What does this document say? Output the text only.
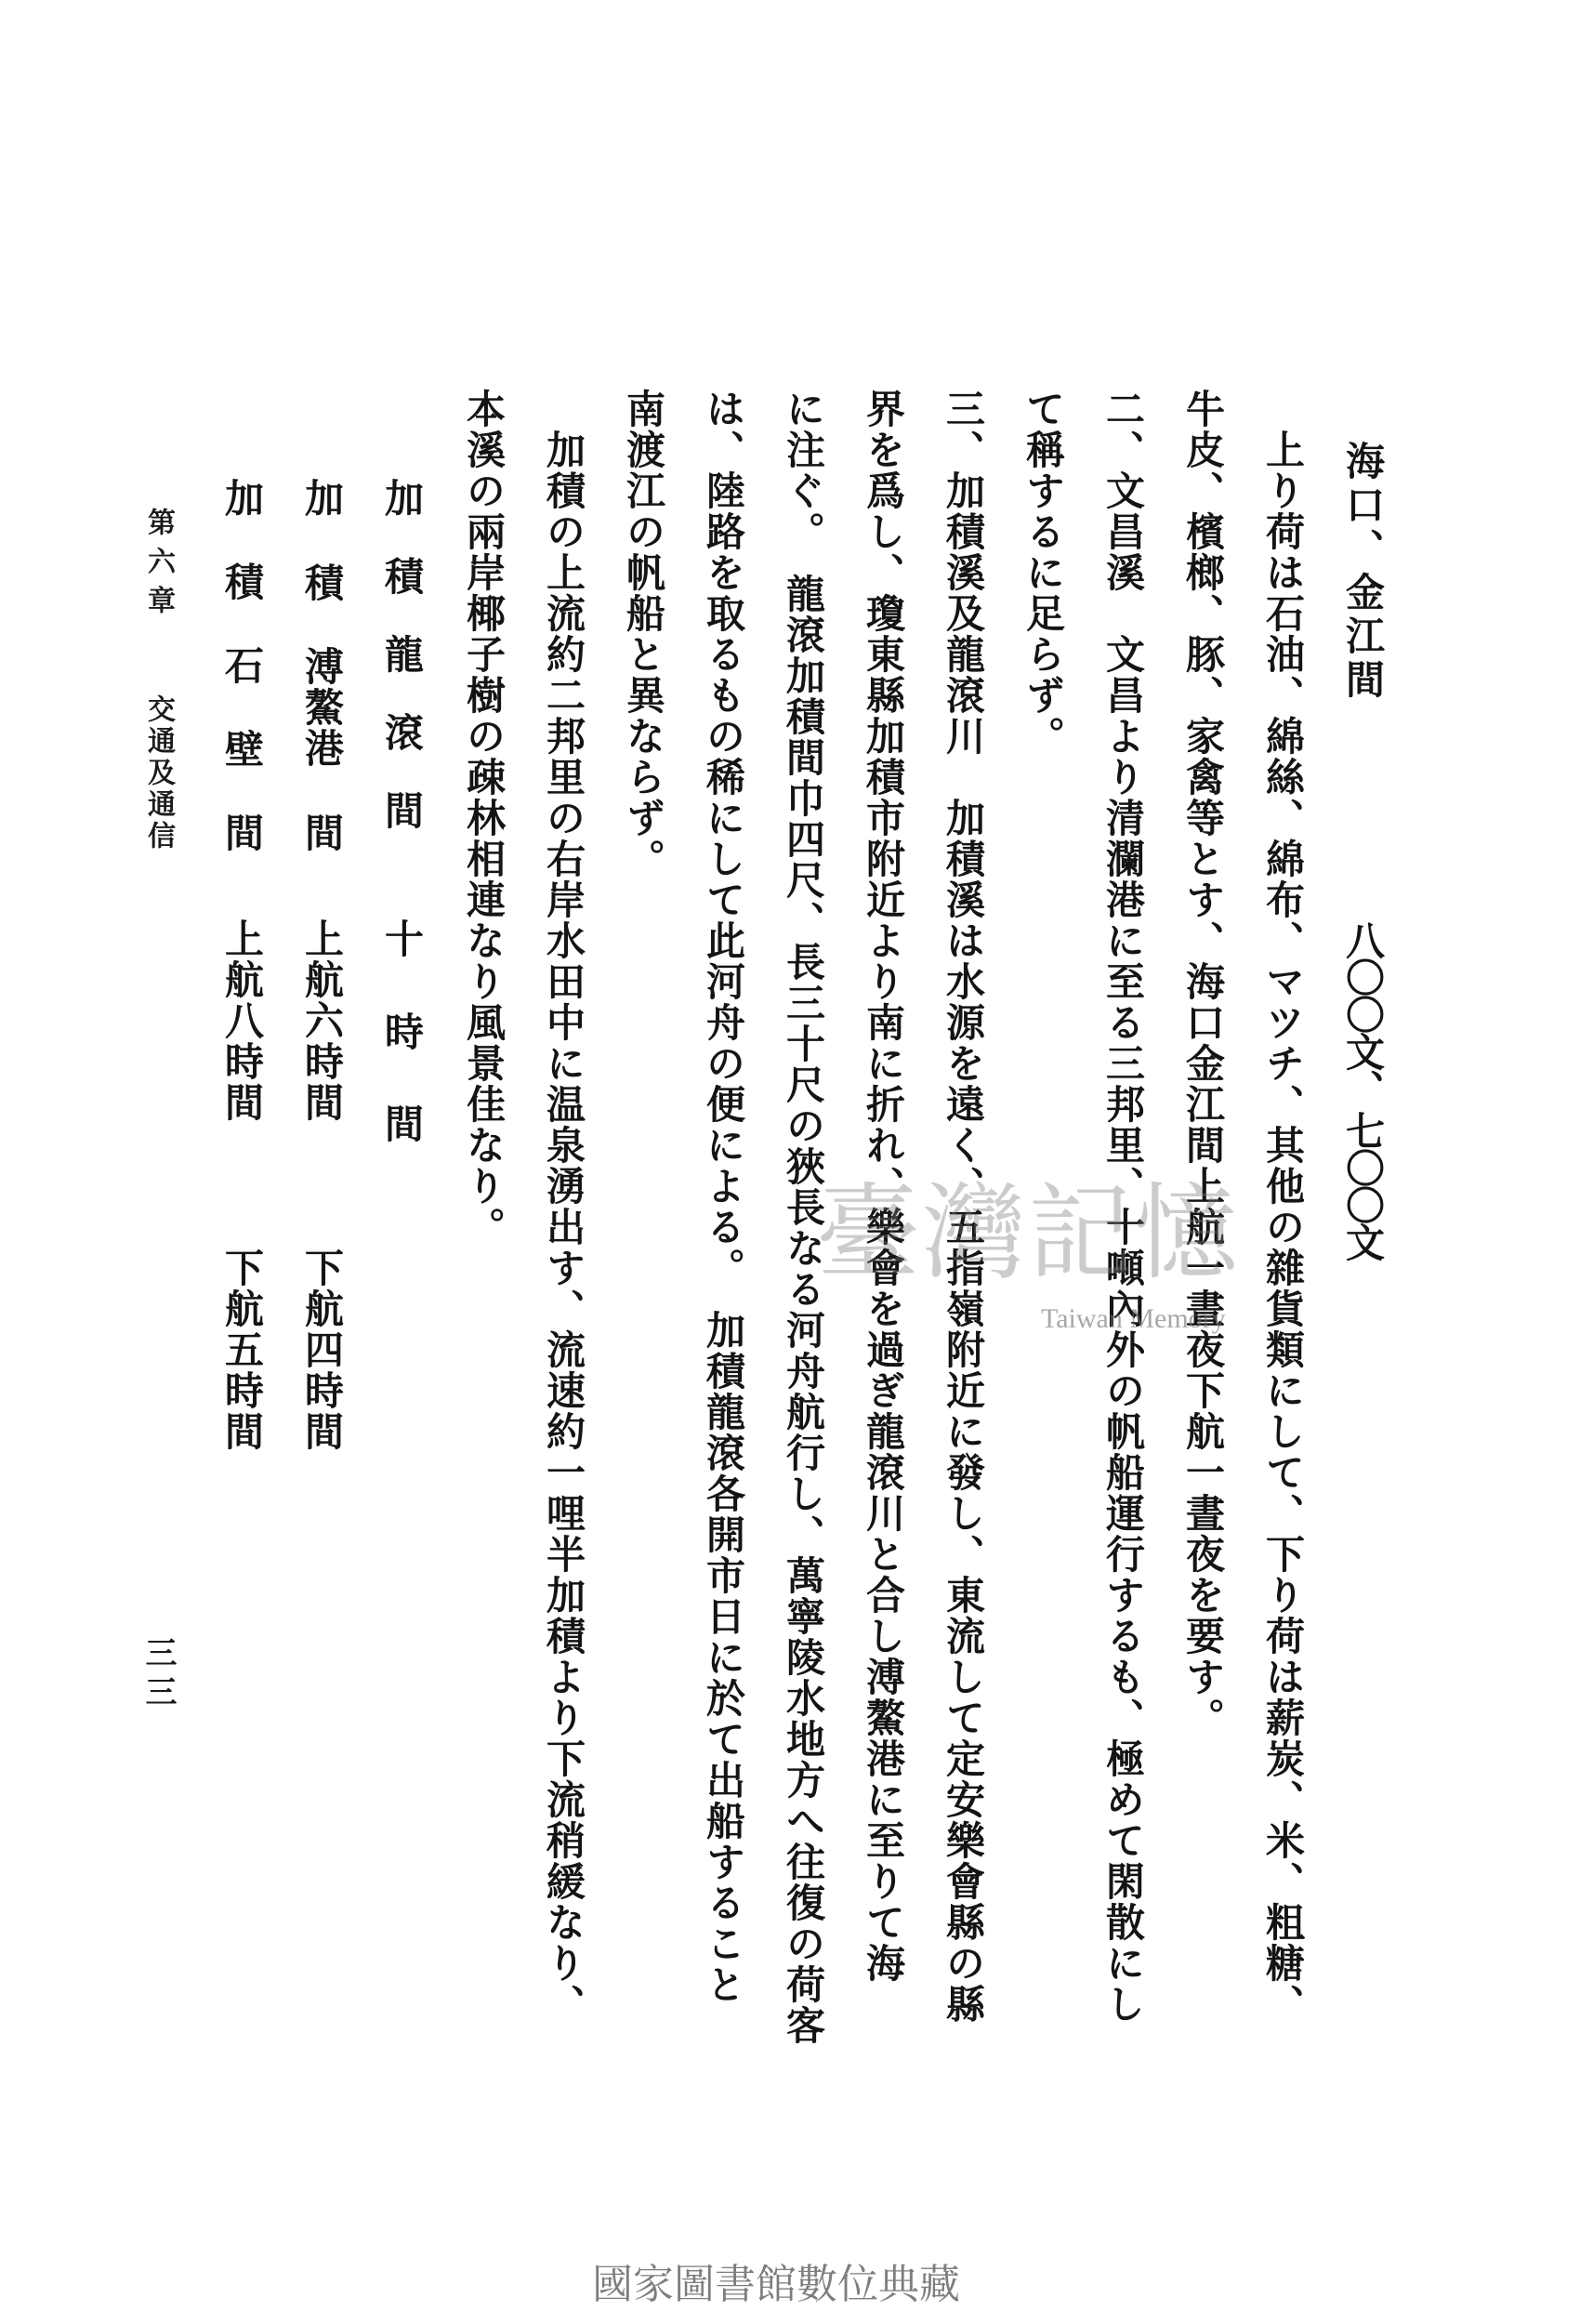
海口、金江間
八〇〇文、
七〇〇文
上り荷は石油、綿絲、綿布、マツチ、其他の雜貨類にして、下り荷は薪炭、米、粗糖、
牛皮、檳榔、豚、家禽等とす、海口金江間上航一晝夜下航一晝夜を要す。
二、文昌溪　文昌より清瀾港に至る三邦里、十噸內外の帆船運行するも、極めて閑散にし
て稱するに足らず。
三、加積溪及龍滾川　加積溪は水源を遠く、五指嶺附近に發し、東流して定安樂會縣の縣
界を爲し、瓊東縣加積市附近より南に折れ、樂會を過ぎ龍滾川と合し溥鰲港に至りて海
に注ぐ。　龍滾加積間巾四尺、長三十尺の狹長なる河舟航行し、萬寧陵水地方へ往復の荷客
は、陸路を取るもの稀にして此河舟の便による。　加積龍滾各開市日に於て出船すること
南渡江の帆船と異ならず。
加積の上流約二邦里の右岸水田中に温泉湧出す、流速約一哩半加積より下流稍緩なり、
本溪の兩岸椰子樹の疎林相連なり風景佳なり。
加
積
龍
滾
間
十
時
間
加
積
溥鰲港
間
上航六時間
下航四時間
加
積
石
壁
間
上航八時間
下航五時間
第六章
交通及通信
三三
臺灣記憶
Taiwan Memory
國家圖書館數位典藏
